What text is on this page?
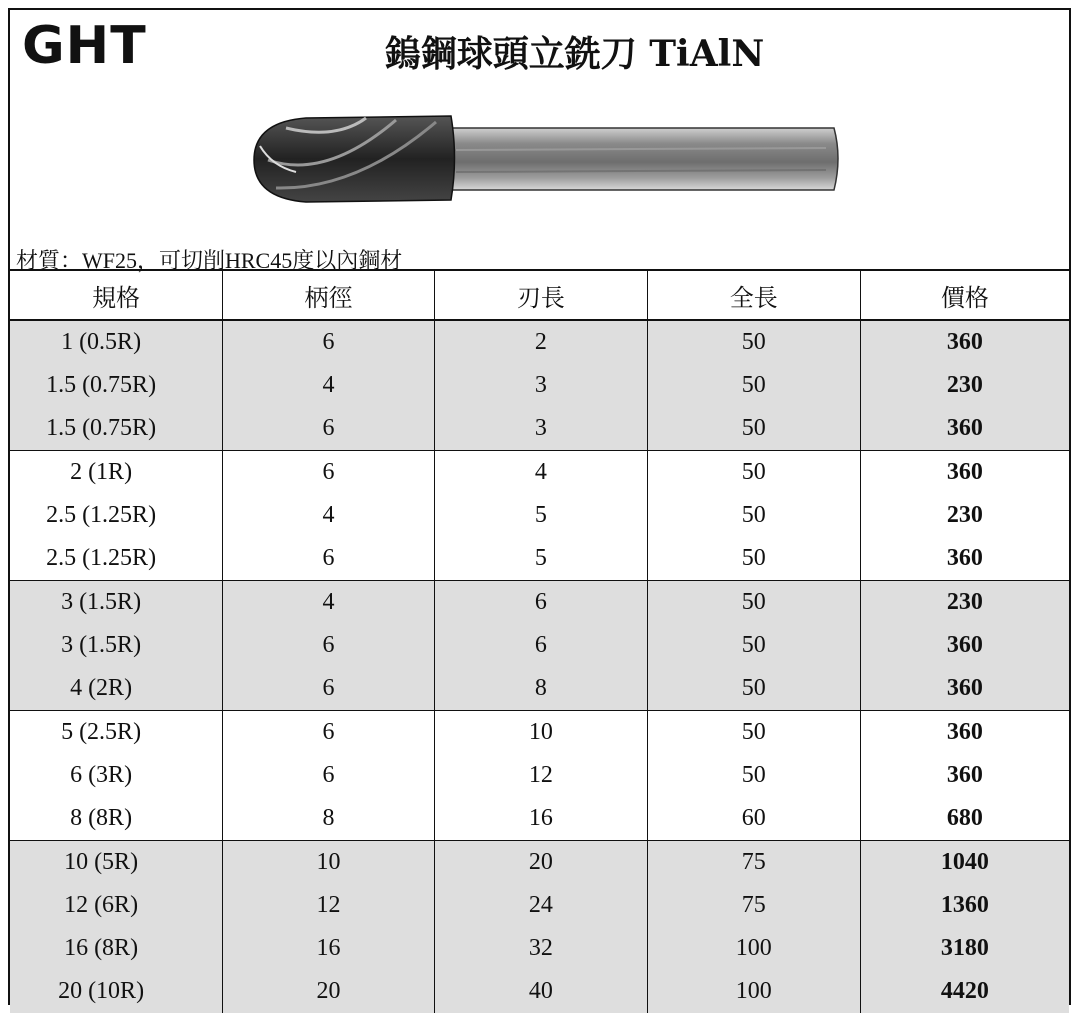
GHT	鎢鋼球頭立銑刀 TiAlN
材質：WF25，可切削HRC45度以內鋼材
規格	柄徑	刃長	全長	價格
1 (0.5R)	6	2	50	360
1.5 (0.75R)	4	3	50	230
1.5 (0.75R)	6	3	50	360
2 (1R)	6	4	50	360
2.5 (1.25R)	4	5	50	230
2.5 (1.25R)	6	5	50	360
3 (1.5R)	4	6	50	230
3 (1.5R)	6	6	50	360
4 (2R)	6	8	50	360
5 (2.5R)	6	10	50	360
6 (3R)	6	12	50	360
8 (8R)	8	16	60	680
10 (5R)	10	20	75	1040
12 (6R)	12	24	75	1360
16 (8R)	16	32	100	3180
20 (10R)	20	40	100	4420
